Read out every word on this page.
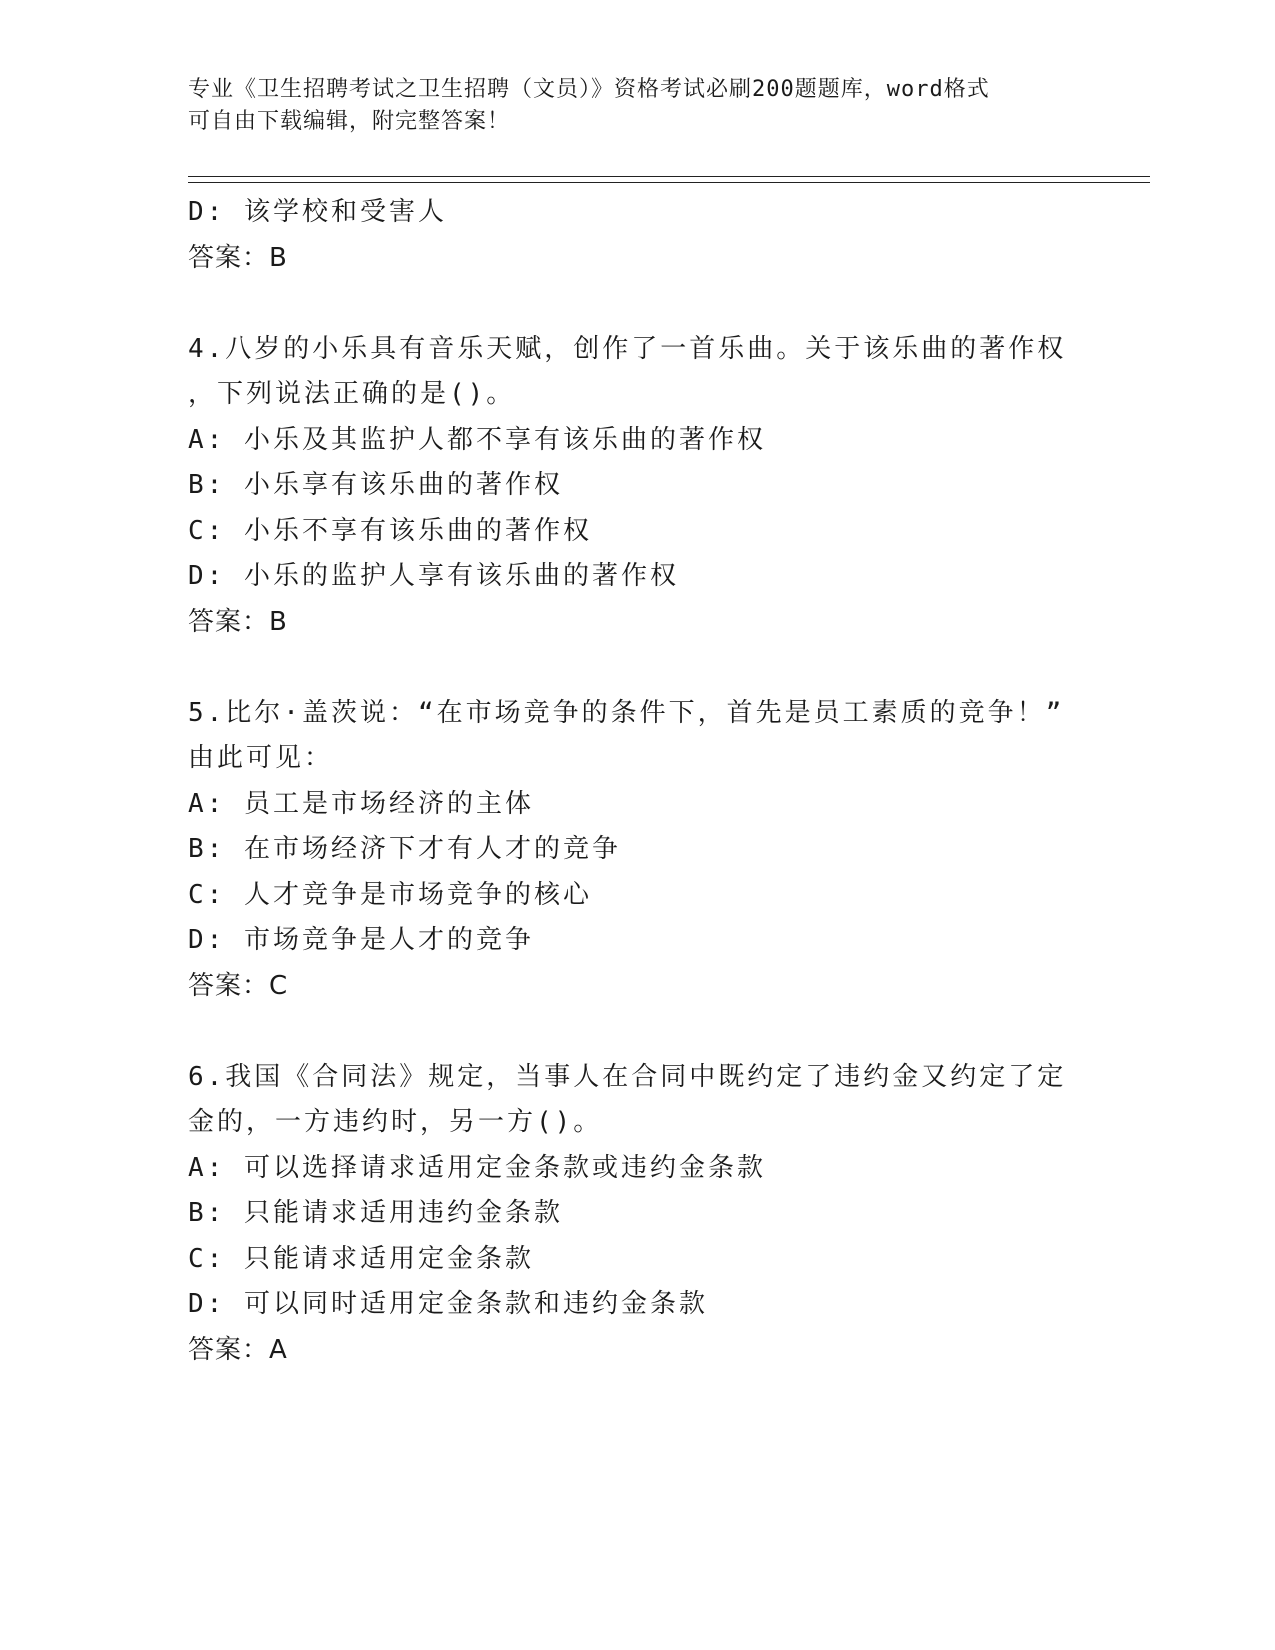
专业《卫生招聘考试之卫生招聘（文员）》资格考试必刷200题题库，word格式
可自由下载编辑，附完整答案！
D: 该学校和受害人
答案：B
4.八岁的小乐具有音乐天赋，创作了一首乐曲。关于该乐曲的著作权
，下列说法正确的是()。
A: 小乐及其监护人都不享有该乐曲的著作权
B: 小乐享有该乐曲的著作权
C: 小乐不享有该乐曲的著作权
D: 小乐的监护人享有该乐曲的著作权
答案：B
5.比尔·盖茨说：“在市场竞争的条件下，首先是员工素质的竞争！”
由此可见：
A: 员工是市场经济的主体
B: 在市场经济下才有人才的竞争
C: 人才竞争是市场竞争的核心
D: 市场竞争是人才的竞争
答案：C
6.我国《合同法》规定，当事人在合同中既约定了违约金又约定了定
金的，一方违约时，另一方()。
A: 可以选择请求适用定金条款或违约金条款
B: 只能请求适用违约金条款
C: 只能请求适用定金条款
D: 可以同时适用定金条款和违约金条款
答案：A
